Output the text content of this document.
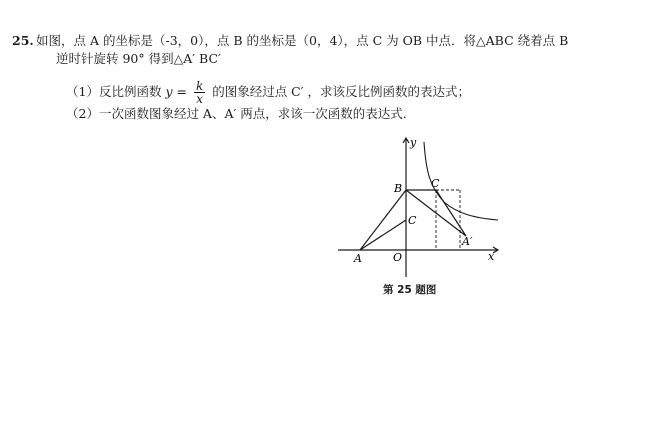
25. 如图，点 A 的坐标是（-3，0），点 B 的坐标是（0，4），点 C 为 OB 中点．将△ABC 绕着点 B
逆时针旋转 90° 得到△A′ BC′
（1）反比例函数 $y = \frac{k}{x}$ 的图象经过点 C′ ，求该反比例函数的表达式；
（2）一次函数图象经过 A、A′ 两点，求该一次函数的表达式．
y
x
O
A
B
C
C
A′
第 25 题图
